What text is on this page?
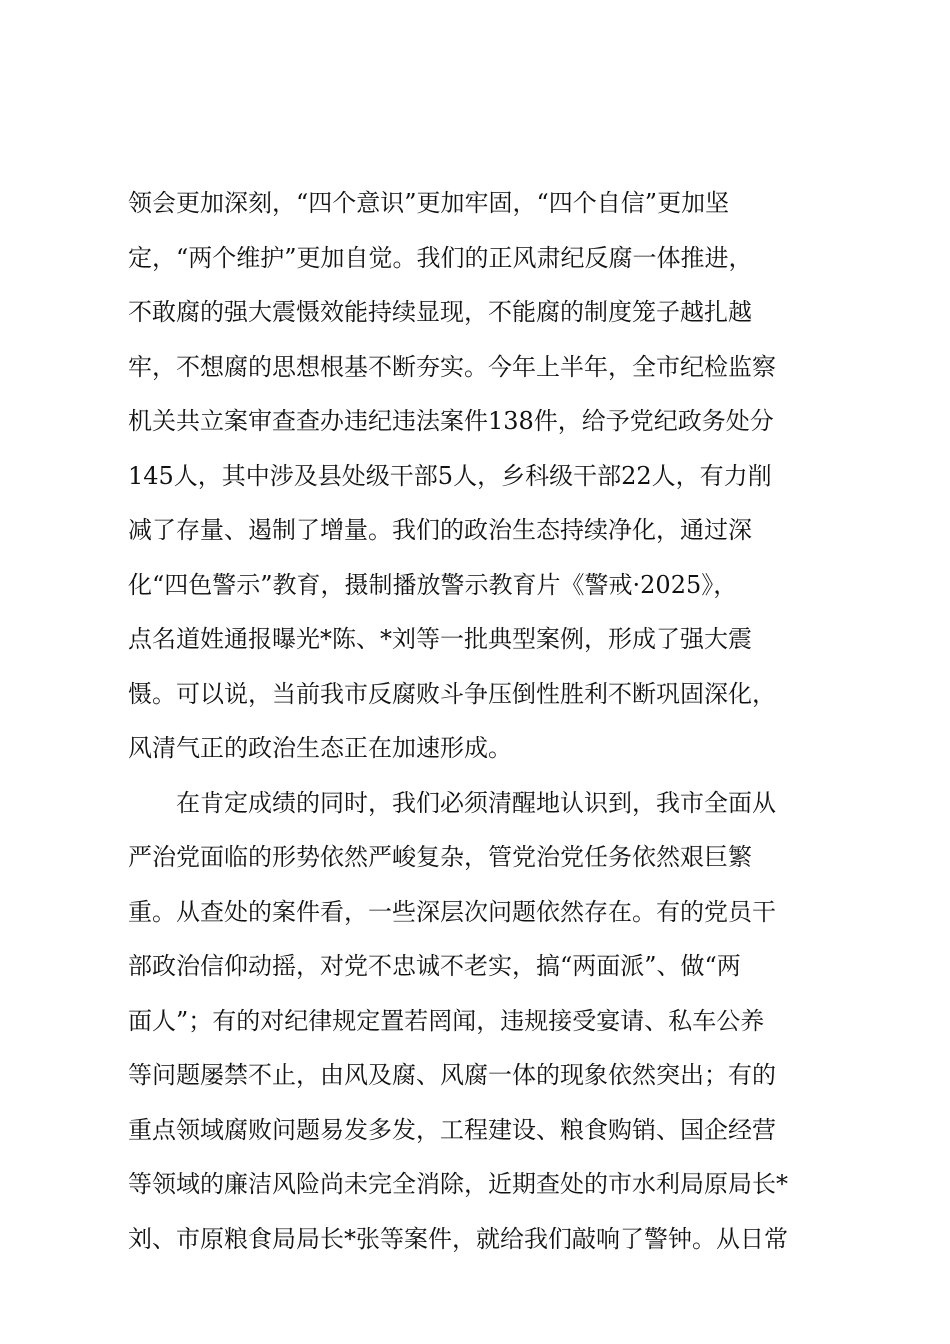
领会更加深刻，“四个意识”更加牢固，“四个自信”更加坚
定，“两个维护”更加自觉。我们的正风肃纪反腐一体推进，
不敢腐的强大震慑效能持续显现，不能腐的制度笼子越扎越
牢，不想腐的思想根基不断夯实。今年上半年，全市纪检监察
机关共立案审查查办违纪违法案件138件，给予党纪政务处分
145人，其中涉及县处级干部5人，乡科级干部22人，有力削
减了存量、遏制了增量。我们的政治生态持续净化，通过深
化“四色警示”教育，摄制播放警示教育片《警戒·2025》，
点名道姓通报曝光*陈、*刘等一批典型案例，形成了强大震
慑。可以说，当前我市反腐败斗争压倒性胜利不断巩固深化，
风清气正的政治生态正在加速形成。
　　在肯定成绩的同时，我们必须清醒地认识到，我市全面从
严治党面临的形势依然严峻复杂，管党治党任务依然艰巨繁
重。从查处的案件看，一些深层次问题依然存在。有的党员干
部政治信仰动摇，对党不忠诚不老实，搞“两面派”、做“两
面人”；有的对纪律规定置若罔闻，违规接受宴请、私车公养
等问题屡禁不止，由风及腐、风腐一体的现象依然突出；有的
重点领域腐败问题易发多发，工程建设、粮食购销、国企经营
等领域的廉洁风险尚未完全消除，近期查处的市水利局原局长*
刘、市原粮食局局长*张等案件，就给我们敲响了警钟。从日常
